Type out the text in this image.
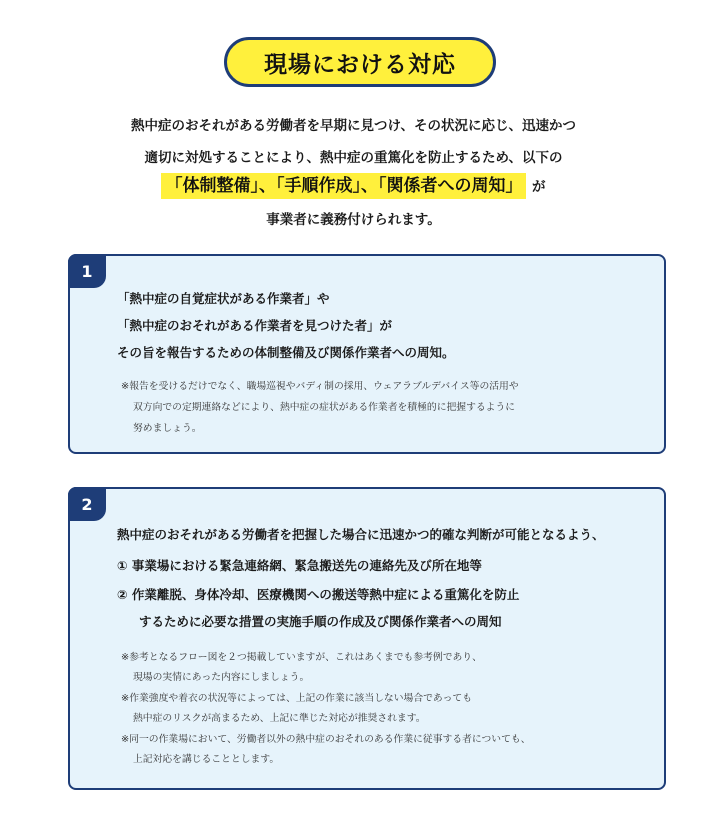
現場における対応
熱中症のおそれがある労働者を早期に見つけ、その状況に応じ、迅速かつ
適切に対処することにより、熱中症の重篤化を防止するため、以下の
「体制整備」、「手順作成」、「関係者への周知」 が
事業者に義務付けられます。
1
「熱中症の自覚症状がある作業者」や
「熱中症のおそれがある作業者を見つけた者」が
その旨を報告するための体制整備及び関係作業者への周知。
※報告を受けるだけでなく、職場巡視やバディ制の採用、ウェアラブルデバイス等の活用や
双方向での定期連絡などにより、熱中症の症状がある作業者を積極的に把握するように
努めましょう。
2
熱中症のおそれがある労働者を把握した場合に迅速かつ的確な判断が可能となるよう、
① 事業場における緊急連絡網、緊急搬送先の連絡先及び所在地等
② 作業離脱、身体冷却、医療機関への搬送等熱中症による重篤化を防止
するために必要な措置の実施手順の作成及び関係作業者への周知
※参考となるフロー図を２つ掲載していますが、これはあくまでも参考例であり、
現場の実情にあった内容にしましょう。
※作業強度や着衣の状況等によっては、上記の作業に該当しない場合であっても
熱中症のリスクが高まるため、上記に準じた対応が推奨されます。
※同一の作業場において、労働者以外の熱中症のおそれのある作業に従事する者についても、
上記対応を講じることとします。
